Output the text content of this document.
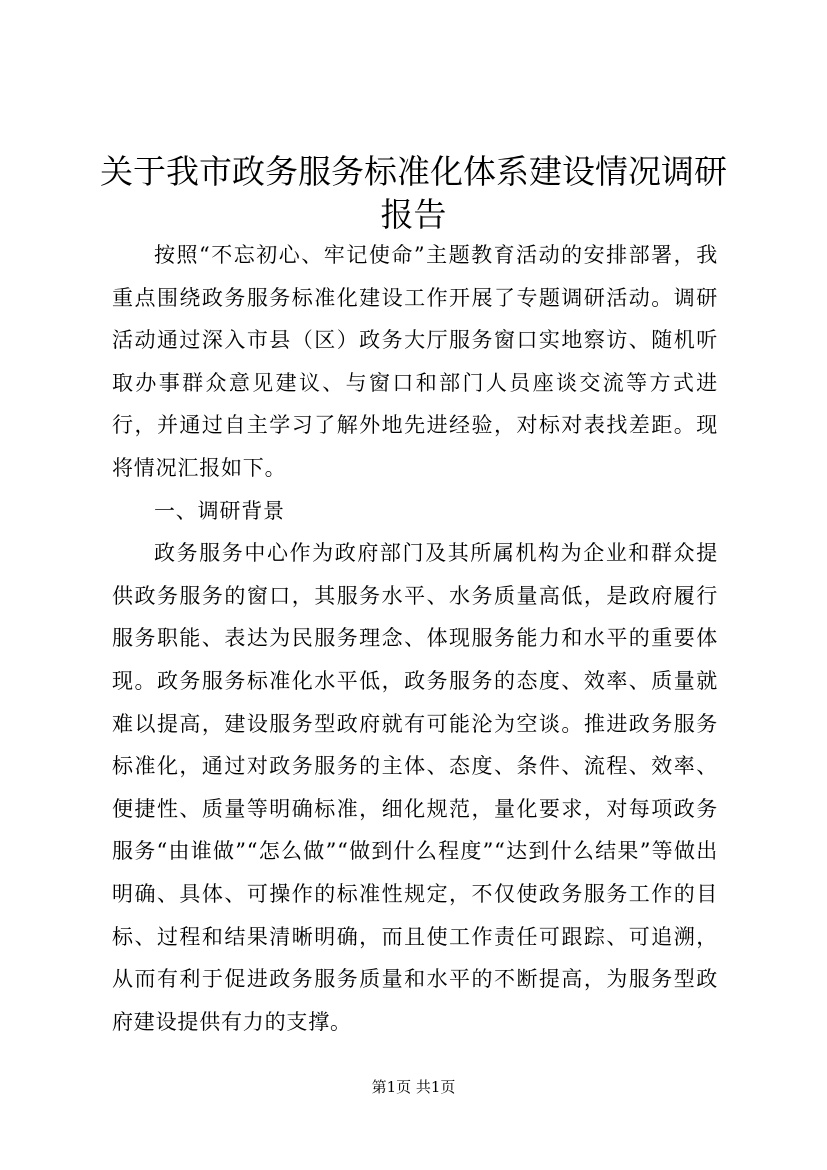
关于我市政务服务标准化体系建设情况调研报告

按照“不忘初心、牢记使命”主题教育活动的安排部署，我重点围绕政务服务标准化建设工作开展了专题调研活动。调研活动通过深入市县（区）政务大厅服务窗口实地察访、随机听取办事群众意见建议、与窗口和部门人员座谈交流等方式进行，并通过自主学习了解外地先进经验，对标对表找差距。现将情况汇报如下。

一、调研背景

政务服务中心作为政府部门及其所属机构为企业和群众提供政务服务的窗口，其服务水平、水务质量高低，是政府履行服务职能、表达为民服务理念、体现服务能力和水平的重要体现。政务服务标准化水平低，政务服务的态度、效率、质量就难以提高，建设服务型政府就有可能沦为空谈。推进政务服务标准化，通过对政务服务的主体、态度、条件、流程、效率、便捷性、质量等明确标准，细化规范，量化要求，对每项政务服务“由谁做”“怎么做”“做到什么程度”“达到什么结果”等做出明确、具体、可操作的标准性规定，不仅使政务服务工作的目标、过程和结果清晰明确，而且使工作责任可跟踪、可追溯，从而有利于促进政务服务质量和水平的不断提高，为服务型政府建设提供有力的支撑。

第1页 共1页
